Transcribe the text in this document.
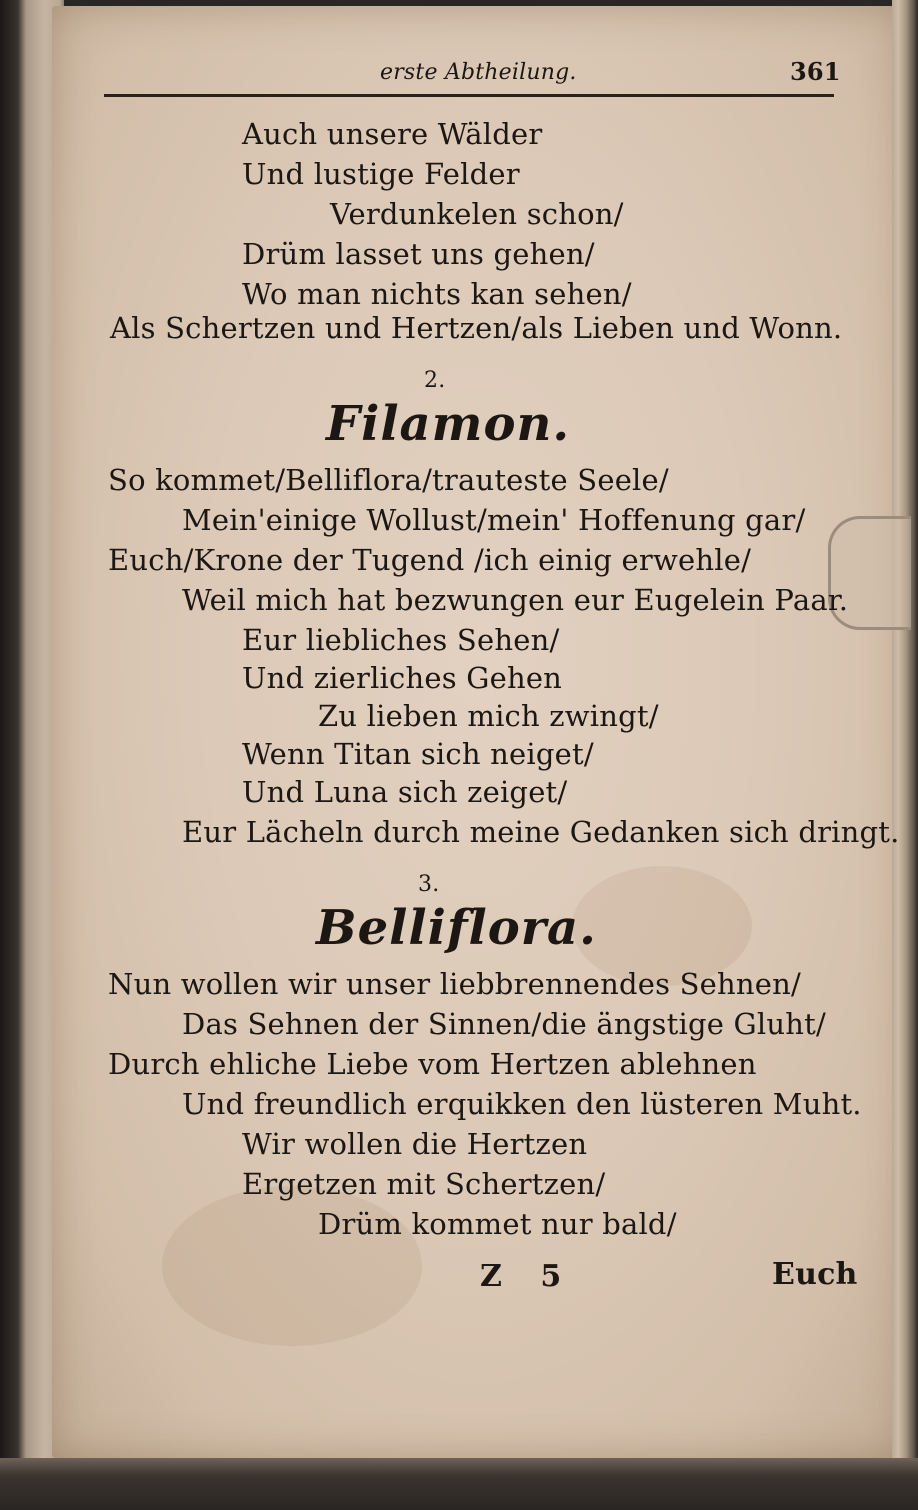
erste Abtheilung.	361
Auch unsere Wälder
Und lustige Felder
Verdunkelen schon/
Drüm lasset uns gehen/
Wo man nichts kan sehen/
Als Schertzen und Hertzen/als Lieben und Wonn.
2.
Filamon.
So kommet/Belliflora/trauteste Seele/
Mein'einige Wollust/mein' Hoffenung gar/
Euch/Krone der Tugend /ich einig erwehle/
Weil mich hat bezwungen eur Eugelein Paar.
Eur liebliches Sehen/
Und zierliches Gehen
Zu lieben mich zwingt/
Wenn Titan sich neiget/
Und Luna sich zeiget/
Eur Lächeln durch meine Gedanken sich dringt.
3.
Belliflora.
Nun wollen wir unser liebbrennendes Sehnen/
Das Sehnen der Sinnen/die ängstige Gluht/
Durch ehliche Liebe vom Hertzen ablehnen
Und freundlich erquikken den lüsteren Muht.
Wir wollen die Hertzen
Ergetzen mit Schertzen/
Drüm kommet nur bald/
Z 5	Euch
